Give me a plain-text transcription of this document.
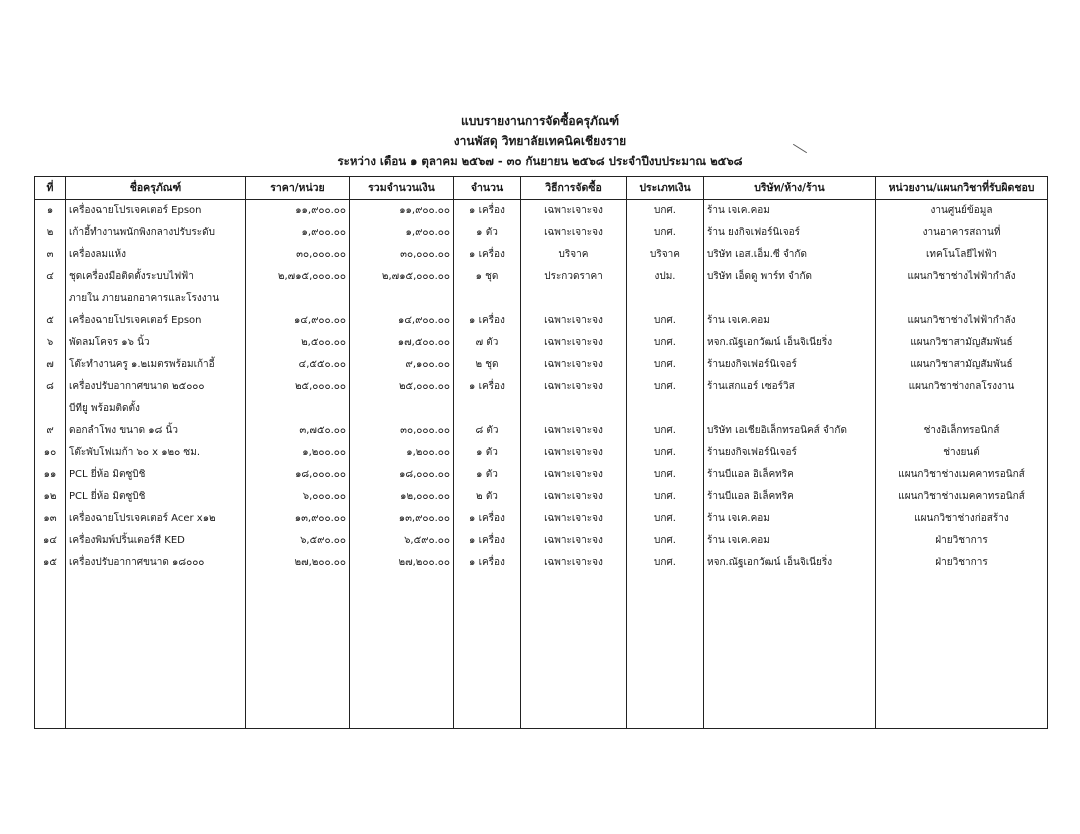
แบบรายงานการจัดซื้อครุภัณฑ์
งานพัสดุ วิทยาลัยเทคนิคเชียงราย
ระหว่าง เดือน ๑ ตุลาคม ๒๕๖๗ - ๓๐ กันยายน ๒๕๖๘ ประจำปีงบประมาณ ๒๕๖๘
ที่	ชื่อครุภัณฑ์	ราคา/หน่วย	รวมจำนวนเงิน	จำนวน	วิธีการจัดซื้อ	ประเภทเงิน	บริษัท/ห้าง/ร้าน	หน่วยงาน/แผนกวิชาที่รับผิดชอบ
๑	เครื่องฉายโปรเจคเตอร์ Epson	๑๑,๙๐๐.๐๐	๑๑,๙๐๐.๐๐	๑ เครื่อง	เฉพาะเจาะจง	บกศ.	ร้าน เจเค.คอม	งานศูนย์ข้อมูล
๒	เก้าอี้ทำงานพนักพิงกลางปรับระดับ	๑,๙๐๐.๐๐	๑,๙๐๐.๐๐	๑ ตัว	เฉพาะเจาะจง	บกศ.	ร้าน ยงกิจเฟอร์นิเจอร์	งานอาคารสถานที่
๓	เครื่องลมแห้ง	๓๐,๐๐๐.๐๐	๓๐,๐๐๐.๐๐	๑ เครื่อง	บริจาค	บริจาค	บริษัท เอส.เอ็ม.ซี จำกัด	เทคโนโลยีไฟฟ้า
๔	ชุดเครื่องมือติดตั้งระบบไฟฟ้า	๒,๗๑๕,๐๐๐.๐๐	๒,๗๑๕,๐๐๐.๐๐	๑ ชุด	ประกวดราคา	งปม.	บริษัท เอ็ดดู พาร์ท จำกัด	แผนกวิชาช่างไฟฟ้ากำลัง
	ภายใน ภายนอกอาคารและโรงงาน							
๕	เครื่องฉายโปรเจคเตอร์ Epson	๑๔,๙๐๐.๐๐	๑๔,๙๐๐.๐๐	๑ เครื่อง	เฉพาะเจาะจง	บกศ.	ร้าน เจเค.คอม	แผนกวิชาช่างไฟฟ้ากำลัง
๖	พัดลมโคจร ๑๖ นิ้ว	๒,๕๐๐.๐๐	๑๗,๕๐๐.๐๐	๗ ตัว	เฉพาะเจาะจง	บกศ.	หจก.ณัฐเอกวัฒน์ เอ็นจิเนียริ่ง	แผนกวิชาสามัญสัมพันธ์
๗	โต๊ะทำงานครู ๑.๒เมตรพร้อมเก้าอี้	๔,๕๕๐.๐๐	๙,๑๐๐.๐๐	๒ ชุด	เฉพาะเจาะจง	บกศ.	ร้านยงกิจเฟอร์นิเจอร์	แผนกวิชาสามัญสัมพันธ์
๘	เครื่องปรับอากาศขนาด ๒๕๐๐๐	๒๕,๐๐๐.๐๐	๒๕,๐๐๐.๐๐	๑ เครื่อง	เฉพาะเจาะจง	บกศ.	ร้านเสกแอร์ เซอร์วิส	แผนกวิชาช่างกลโรงงาน
	บีทียู พร้อมติดตั้ง							
๙	ดอกลำโพง ขนาด ๑๘ นิ้ว	๓,๗๕๐.๐๐	๓๐,๐๐๐.๐๐	๘ ตัว	เฉพาะเจาะจง	บกศ.	บริษัท เอเชียอิเล็กทรอนิคส์ จำกัด	ช่างอิเล็กทรอนิกส์
๑๐	โต๊ะพับโฟเมก้า ๖๐ x ๑๒๐ ซม.	๑,๒๐๐.๐๐	๑,๒๐๐.๐๐	๑ ตัว	เฉพาะเจาะจง	บกศ.	ร้านยงกิจเฟอร์นิเจอร์	ช่างยนต์
๑๑	PCL ยี่ห้อ มิตซูบิชิ	๑๘,๐๐๐.๐๐	๑๘,๐๐๐.๐๐	๑ ตัว	เฉพาะเจาะจง	บกศ.	ร้านบีแอล อิเล็คทริค	แผนกวิชาช่างเมคคาทรอนิกส์
๑๒	PCL ยี่ห้อ มิตซูบิชิ	๖,๐๐๐.๐๐	๑๒,๐๐๐.๐๐	๒ ตัว	เฉพาะเจาะจง	บกศ.	ร้านบีแอล อิเล็คทริค	แผนกวิชาช่างเมคคาทรอนิกส์
๑๓	เครื่องฉายโปรเจคเตอร์ Acer x๑๒	๑๓,๙๐๐.๐๐	๑๓,๙๐๐.๐๐	๑ เครื่อง	เฉพาะเจาะจง	บกศ.	ร้าน เจเค.คอม	แผนกวิชาช่างก่อสร้าง
๑๔	เครื่องพิมพ์ปริ้นเตอร์สี KED	๖,๕๙๐.๐๐	๖,๕๙๐.๐๐	๑ เครื่อง	เฉพาะเจาะจง	บกศ.	ร้าน เจเค.คอม	ฝ่ายวิชาการ
๑๕	เครื่องปรับอากาศขนาด ๑๘๐๐๐	๒๗,๒๐๐.๐๐	๒๗,๒๐๐.๐๐	๑ เครื่อง	เฉพาะเจาะจง	บกศ.	หจก.ณัฐเอกวัฒน์ เอ็นจิเนียริ่ง	ฝ่ายวิชาการ
